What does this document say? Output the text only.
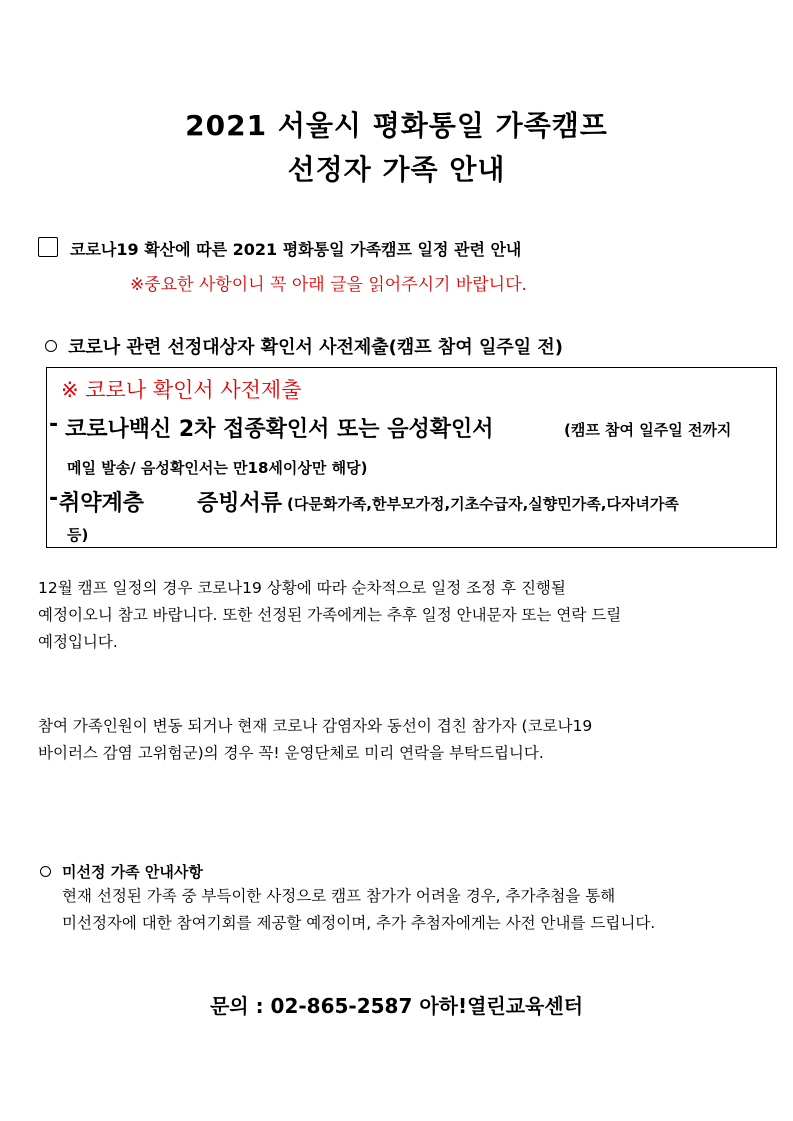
2021 서울시 평화통일 가족캠프
선정자 가족 안내
코로나19 확산에 따른 2021 평화통일 가족캠프 일정 관련 안내
※중요한 사항이니 꼭 아래 글을 읽어주시기 바랍니다.
코로나 관련 선정대상자 확인서 사전제출(캠프 참여 일주일 전)
※ 코로나 확인서 사전제출
- 코로나백신 2차 접종확인서 또는 음성확인서	(캠프 참여 일주일 전까지
메일 발송/ 음성확인서는 만18세이상만 해당)
- 취약계층 증빙서류 (다문화가족,한부모가정,기초수급자,실향민가족,다자녀가족
등)
12월 캠프 일정의 경우 코로나19 상황에 따라 순차적으로 일정 조정 후 진행될
예정이오니 참고 바랍니다. 또한 선정된 가족에게는 추후 일정 안내문자 또는 연락 드릴
예정입니다.
참여 가족인원이 변동 되거나 현재 코로나 감염자와 동선이 겹친 참가자 (코로나19
바이러스 감염 고위험군)의 경우 꼭! 운영단체로 미리 연락을 부탁드립니다.
미선정 가족 안내사항
현재 선정된 가족 중 부득이한 사정으로 캠프 참가가 어려울 경우, 추가추첨을 통해
미선정자에 대한 참여기회를 제공할 예정이며, 추가 추첨자에게는 사전 안내를 드립니다.
문의 : 02-865-2587 아하!열린교육센터
